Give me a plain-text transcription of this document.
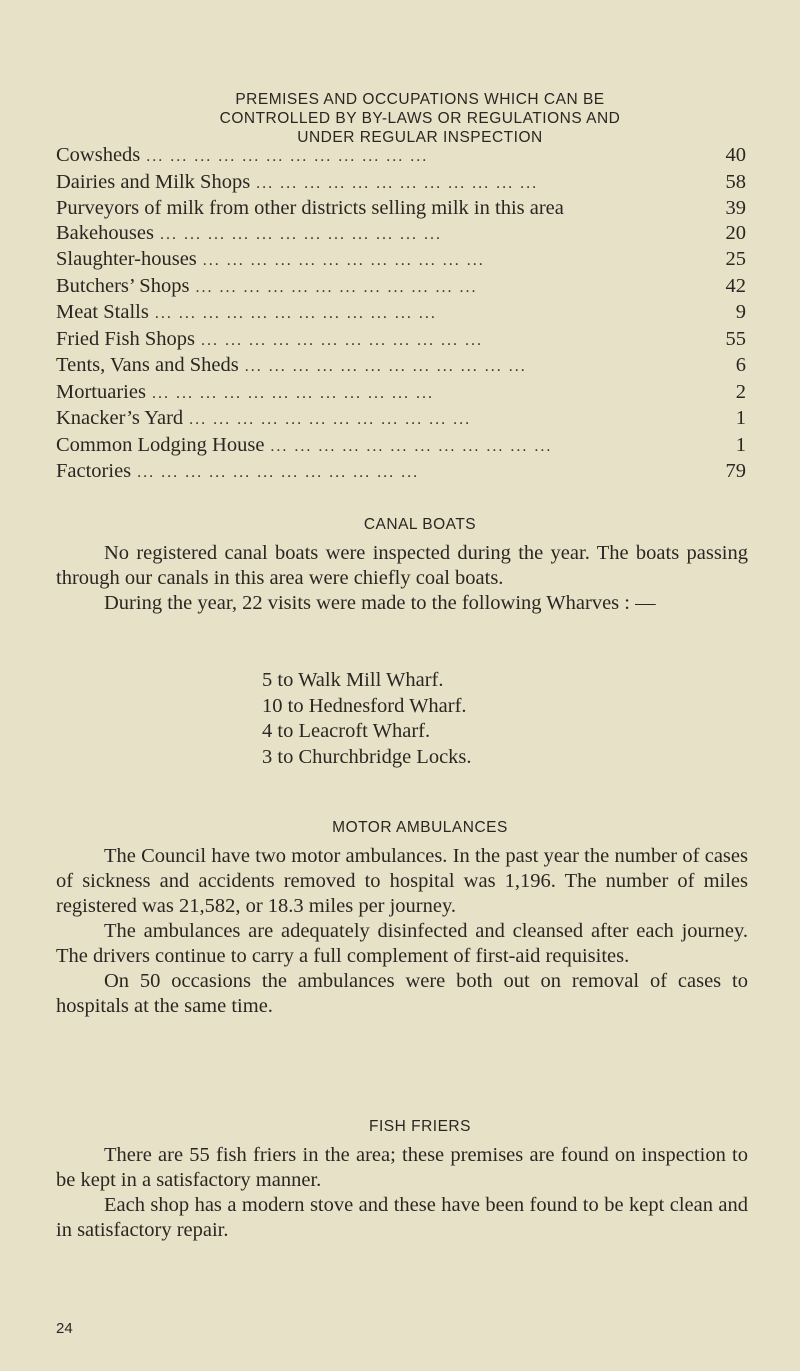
PREMISES AND OCCUPATIONS WHICH CAN BE
CONTROLLED BY BY-LAWS OR REGULATIONS AND
UNDER REGULAR INSPECTION
Cowsheds ... ... ... ... ... ... ... ... ... ... ... ...	40
Dairies and Milk Shops ... ... ... ... ... ... ... ... ... ... ... ...	58
Purveyors of milk from other districts selling milk in this area	39
Bakehouses ... ... ... ... ... ... ... ... ... ... ... ...	20
Slaughter-houses ... ... ... ... ... ... ... ... ... ... ... ...	25
Butchers’ Shops ... ... ... ... ... ... ... ... ... ... ... ...	42
Meat Stalls ... ... ... ... ... ... ... ... ... ... ... ...	9
Fried Fish Shops ... ... ... ... ... ... ... ... ... ... ... ...	55
Tents, Vans and Sheds ... ... ... ... ... ... ... ... ... ... ... ...	6
Mortuaries ... ... ... ... ... ... ... ... ... ... ... ...	2
Knacker’s Yard ... ... ... ... ... ... ... ... ... ... ... ...	1
Common Lodging House ... ... ... ... ... ... ... ... ... ... ... ...	1
Factories ... ... ... ... ... ... ... ... ... ... ... ...	79
CANAL BOATS

No registered canal boats were inspected during the year. The boats passing through our canals in this area were chiefly coal boats.

During the year, 22 visits were made to the following Wharves : —

5 to Walk Mill Wharf.
10 to Hednesford Wharf.
4 to Leacroft Wharf.
3 to Churchbridge Locks.
MOTOR AMBULANCES

The Council have two motor ambulances. In the past year the number of cases of sickness and accidents removed to hospital was 1,196. The number of miles registered was 21,582, or 18.3 miles per journey.

The ambulances are adequately disinfected and cleansed after each journey. The drivers continue to carry a full complement of first-aid requisites.

On 50 occasions the ambulances were both out on removal of cases to hospitals at the same time.

FISH FRIERS

There are 55 fish friers in the area; these premises are found on inspection to be kept in a satisfactory manner.

Each shop has a modern stove and these have been found to be kept clean and in satisfactory repair.

24
